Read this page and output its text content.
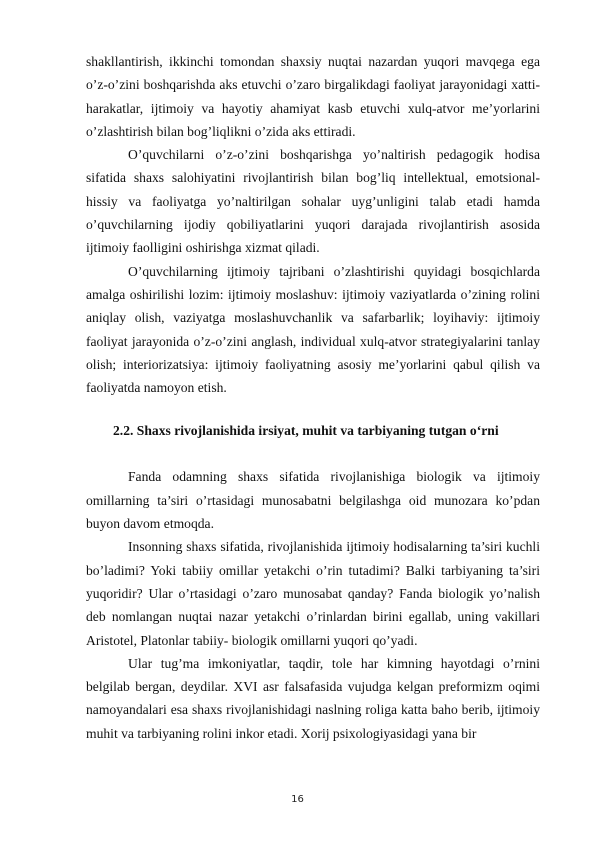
shakllantirish, ikkinchi tomondan shaxsiy nuqtai nazardan yuqori mavqega ega o’z-o’zini boshqarishda aks etuvchi o’zaro birgalikdagi faoliyat jarayonidagi xatti-harakatlar, ijtimoiy va hayotiy ahamiyat kasb etuvchi xulq-atvor me’yorlarini o’zlashtirish bilan bog’liqlikni o’zida aks ettiradi.

O’quvchilarni o’z-o’zini boshqarishga yo’naltirish pedagogik hodisa sifatida shaxs salohiyatini rivojlantirish bilan bog’liq intellektual, emotsional-hissiy va faoliyatga yo’naltirilgan sohalar uyg’unligini talab etadi hamda o’quvchilarning ijodiy qobiliyatlarini yuqori darajada rivojlantirish asosida ijtimoiy faolligini oshirishga xizmat qiladi.

O’quvchilarning ijtimoiy tajribani o’zlashtirishi quyidagi bosqichlarda amalga oshirilishi lozim: ijtimoiy moslashuv: ijtimoiy vaziyatlarda o’zining rolini aniqlay olish, vaziyatga moslashuvchanlik va safarbarlik; loyihaviy: ijtimoiy faoliyat jarayonida o’z-o’zini anglash, individual xulq-atvor strategiyalarini tanlay olish; interiorizatsiya: ijtimoiy faoliyatning asosiy me’yorlarini qabul qilish va faoliyatda namoyon etish.

2.2. Shaxs rivojlanishida irsiyat, muhit va tarbiyaning tutgan o‘rni

Fanda odamning shaxs sifatida rivojlanishiga biologik va ijtimoiy omillarning ta’siri o’rtasidagi munosabatni belgilashga oid munozara ko’pdan buyon davom etmoqda.

Insonning shaxs sifatida, rivojlanishida ijtimoiy hodisalarning ta’siri kuchli bo’ladimi? Yoki tabiiy omillar yetakchi o’rin tutadimi? Balki tarbiyaning ta’siri yuqoridir? Ular o’rtasidagi o’zaro munosabat qanday? Fanda biologik yo’nalish deb nomlangan nuqtai nazar yetakchi o’rinlardan birini egallab, uning vakillari Aristotel, Platonlar tabiiy- biologik omillarni yuqori qo’yadi.

Ular tug’ma imkoniyatlar, taqdir, tole har kimning hayotdagi o’rnini belgilab bergan, deydilar. XVI asr falsafasida vujudga kelgan preformizm oqimi namoyandalari esa shaxs rivojlanishidagi naslning roliga katta baho berib, ijtimoiy muhit va tarbiyaning rolini inkor etadi. Xorij psixologiyasidagi yana bir

16
